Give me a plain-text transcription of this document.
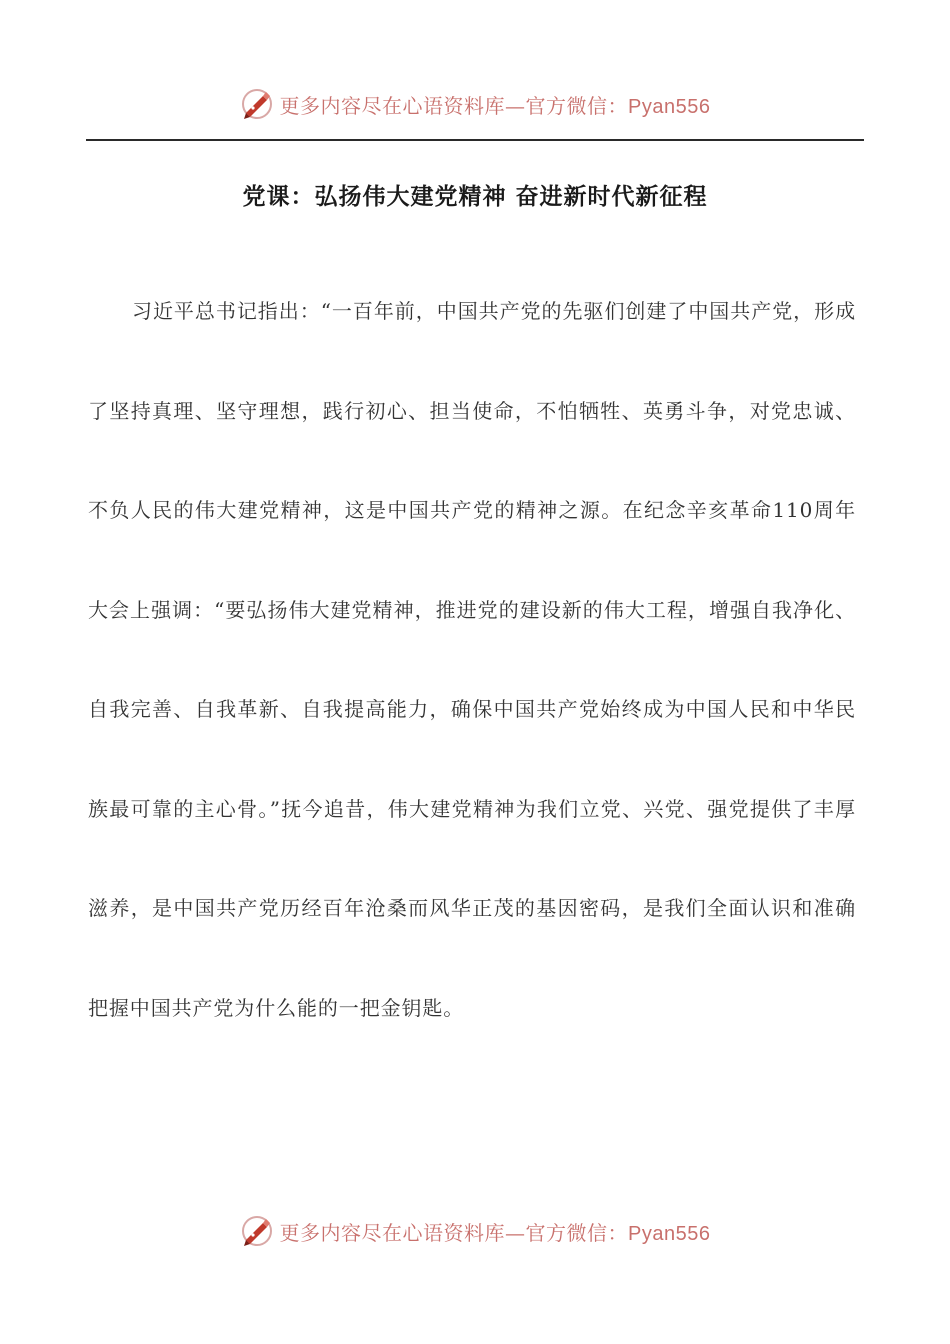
更多内容尽在心语资料库—官方微信：Pyan556
党课：弘扬伟大建党精神 奋进新时代新征程

习近平总书记指出：“一百年前，中国共产党的先驱们创建了中国共产党，形成了坚持真理、坚守理想，践行初心、担当使命，不怕牺牲、英勇斗争，对党忠诚、不负人民的伟大建党精神，这是中国共产党的精神之源。在纪念辛亥革命110周年大会上强调：“要弘扬伟大建党精神，推进党的建设新的伟大工程，增强自我净化、自我完善、自我革新、自我提高能力，确保中国共产党始终成为中国人民和中华民族最可靠的主心骨。”抚今追昔，伟大建党精神为我们立党、兴党、强党提供了丰厚滋养，是中国共产党历经百年沧桑而风华正茂的基因密码，是我们全面认识和准确把握中国共产党为什么能的一把金钥匙。

更多内容尽在心语资料库—官方微信：Pyan556
